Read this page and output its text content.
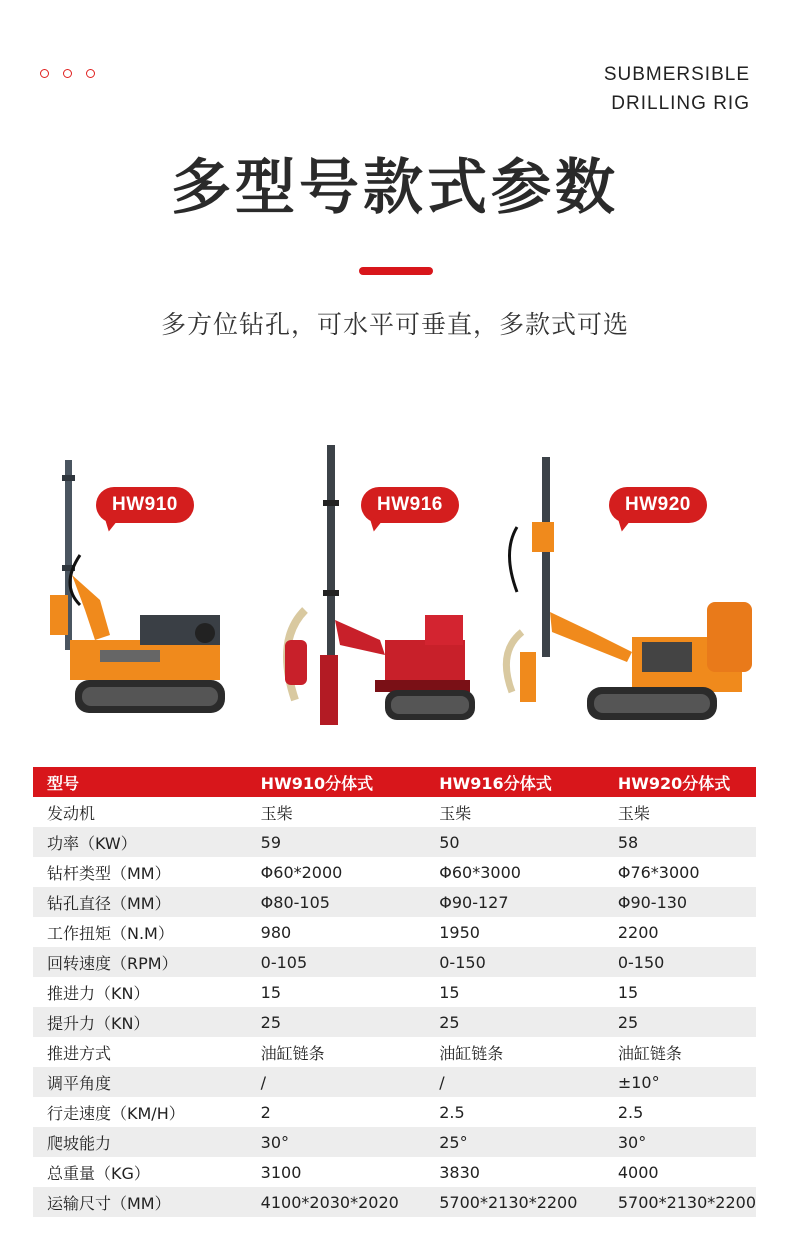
SUBMERSIBLE
DRILLING RIG
多型号款式参数
多方位钻孔，可水平可垂直，多款式可选
HW910	HW916	HW920
型号	HW910分体式	HW916分体式	HW920分体式
发动机	玉柴	玉柴	玉柴
功率（KW）	59	50	58
钻杆类型（MM）	Φ60*2000	Φ60*3000	Φ76*3000
钻孔直径（MM）	Φ80-105	Φ90-127	Φ90-130
工作扭矩（N.M）	980	1950	2200
回转速度（RPM）	0-105	0-150	0-150
推进力（KN）	15	15	15
提升力（KN）	25	25	25
推进方式	油缸链条	油缸链条	油缸链条
调平角度	/	/	±10°
行走速度（KM/H）	2	2.5	2.5
爬坡能力	30°	25°	30°
总重量（KG）	3100	3830	4000
运输尺寸（MM）	4100*2030*2020	5700*2130*2200	5700*2130*2200
